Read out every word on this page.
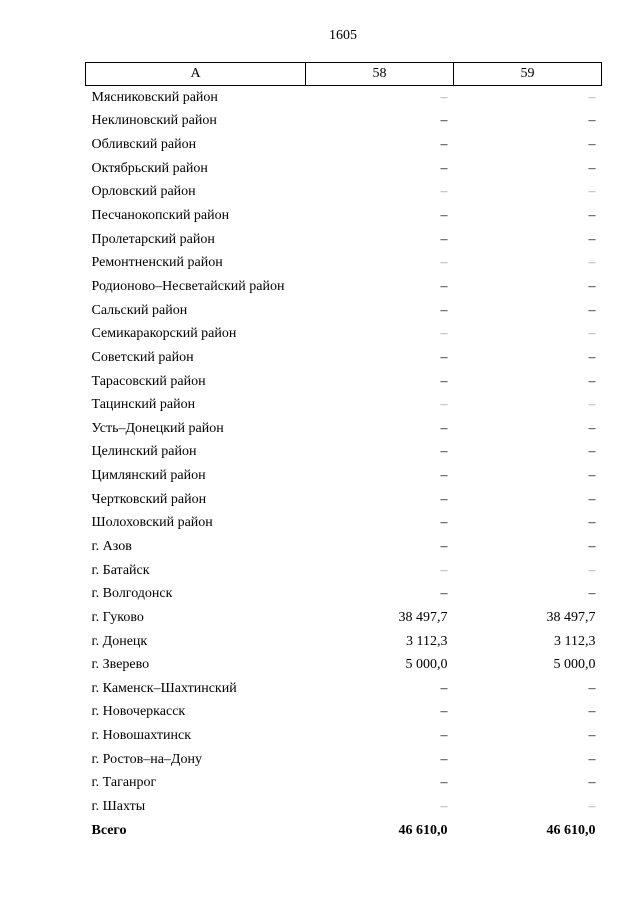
1605
А	58	59
Мясниковский район	–	–
Неклиновский район	–	–
Обливский район	–	–
Октябрьский район	–	–
Орловский район	–	–
Песчанокопский район	–	–
Пролетарский район	–	–
Ремонтненский район	–	–
Родионово–Несветайский район	–	–
Сальский район	–	–
Семикаракорский район	–	–
Советский район	–	–
Тарасовский район	–	–
Тацинский район	–	–
Усть–Донецкий район	–	–
Целинский район	–	–
Цимлянский район	–	–
Чертковский район	–	–
Шолоховский район	–	–
г. Азов	–	–
г. Батайск	–	–
г. Волгодонск	–	–
г. Гуково	38 497,7	38 497,7
г. Донецк	3 112,3	3 112,3
г. Зверево	5 000,0	5 000,0
г. Каменск–Шахтинский	–	–
г. Новочеркасск	–	–
г. Новошахтинск	–	–
г. Ростов–на–Дону	–	–
г. Таганрог	–	–
г. Шахты	–	–
Всего	46 610,0	46 610,0
